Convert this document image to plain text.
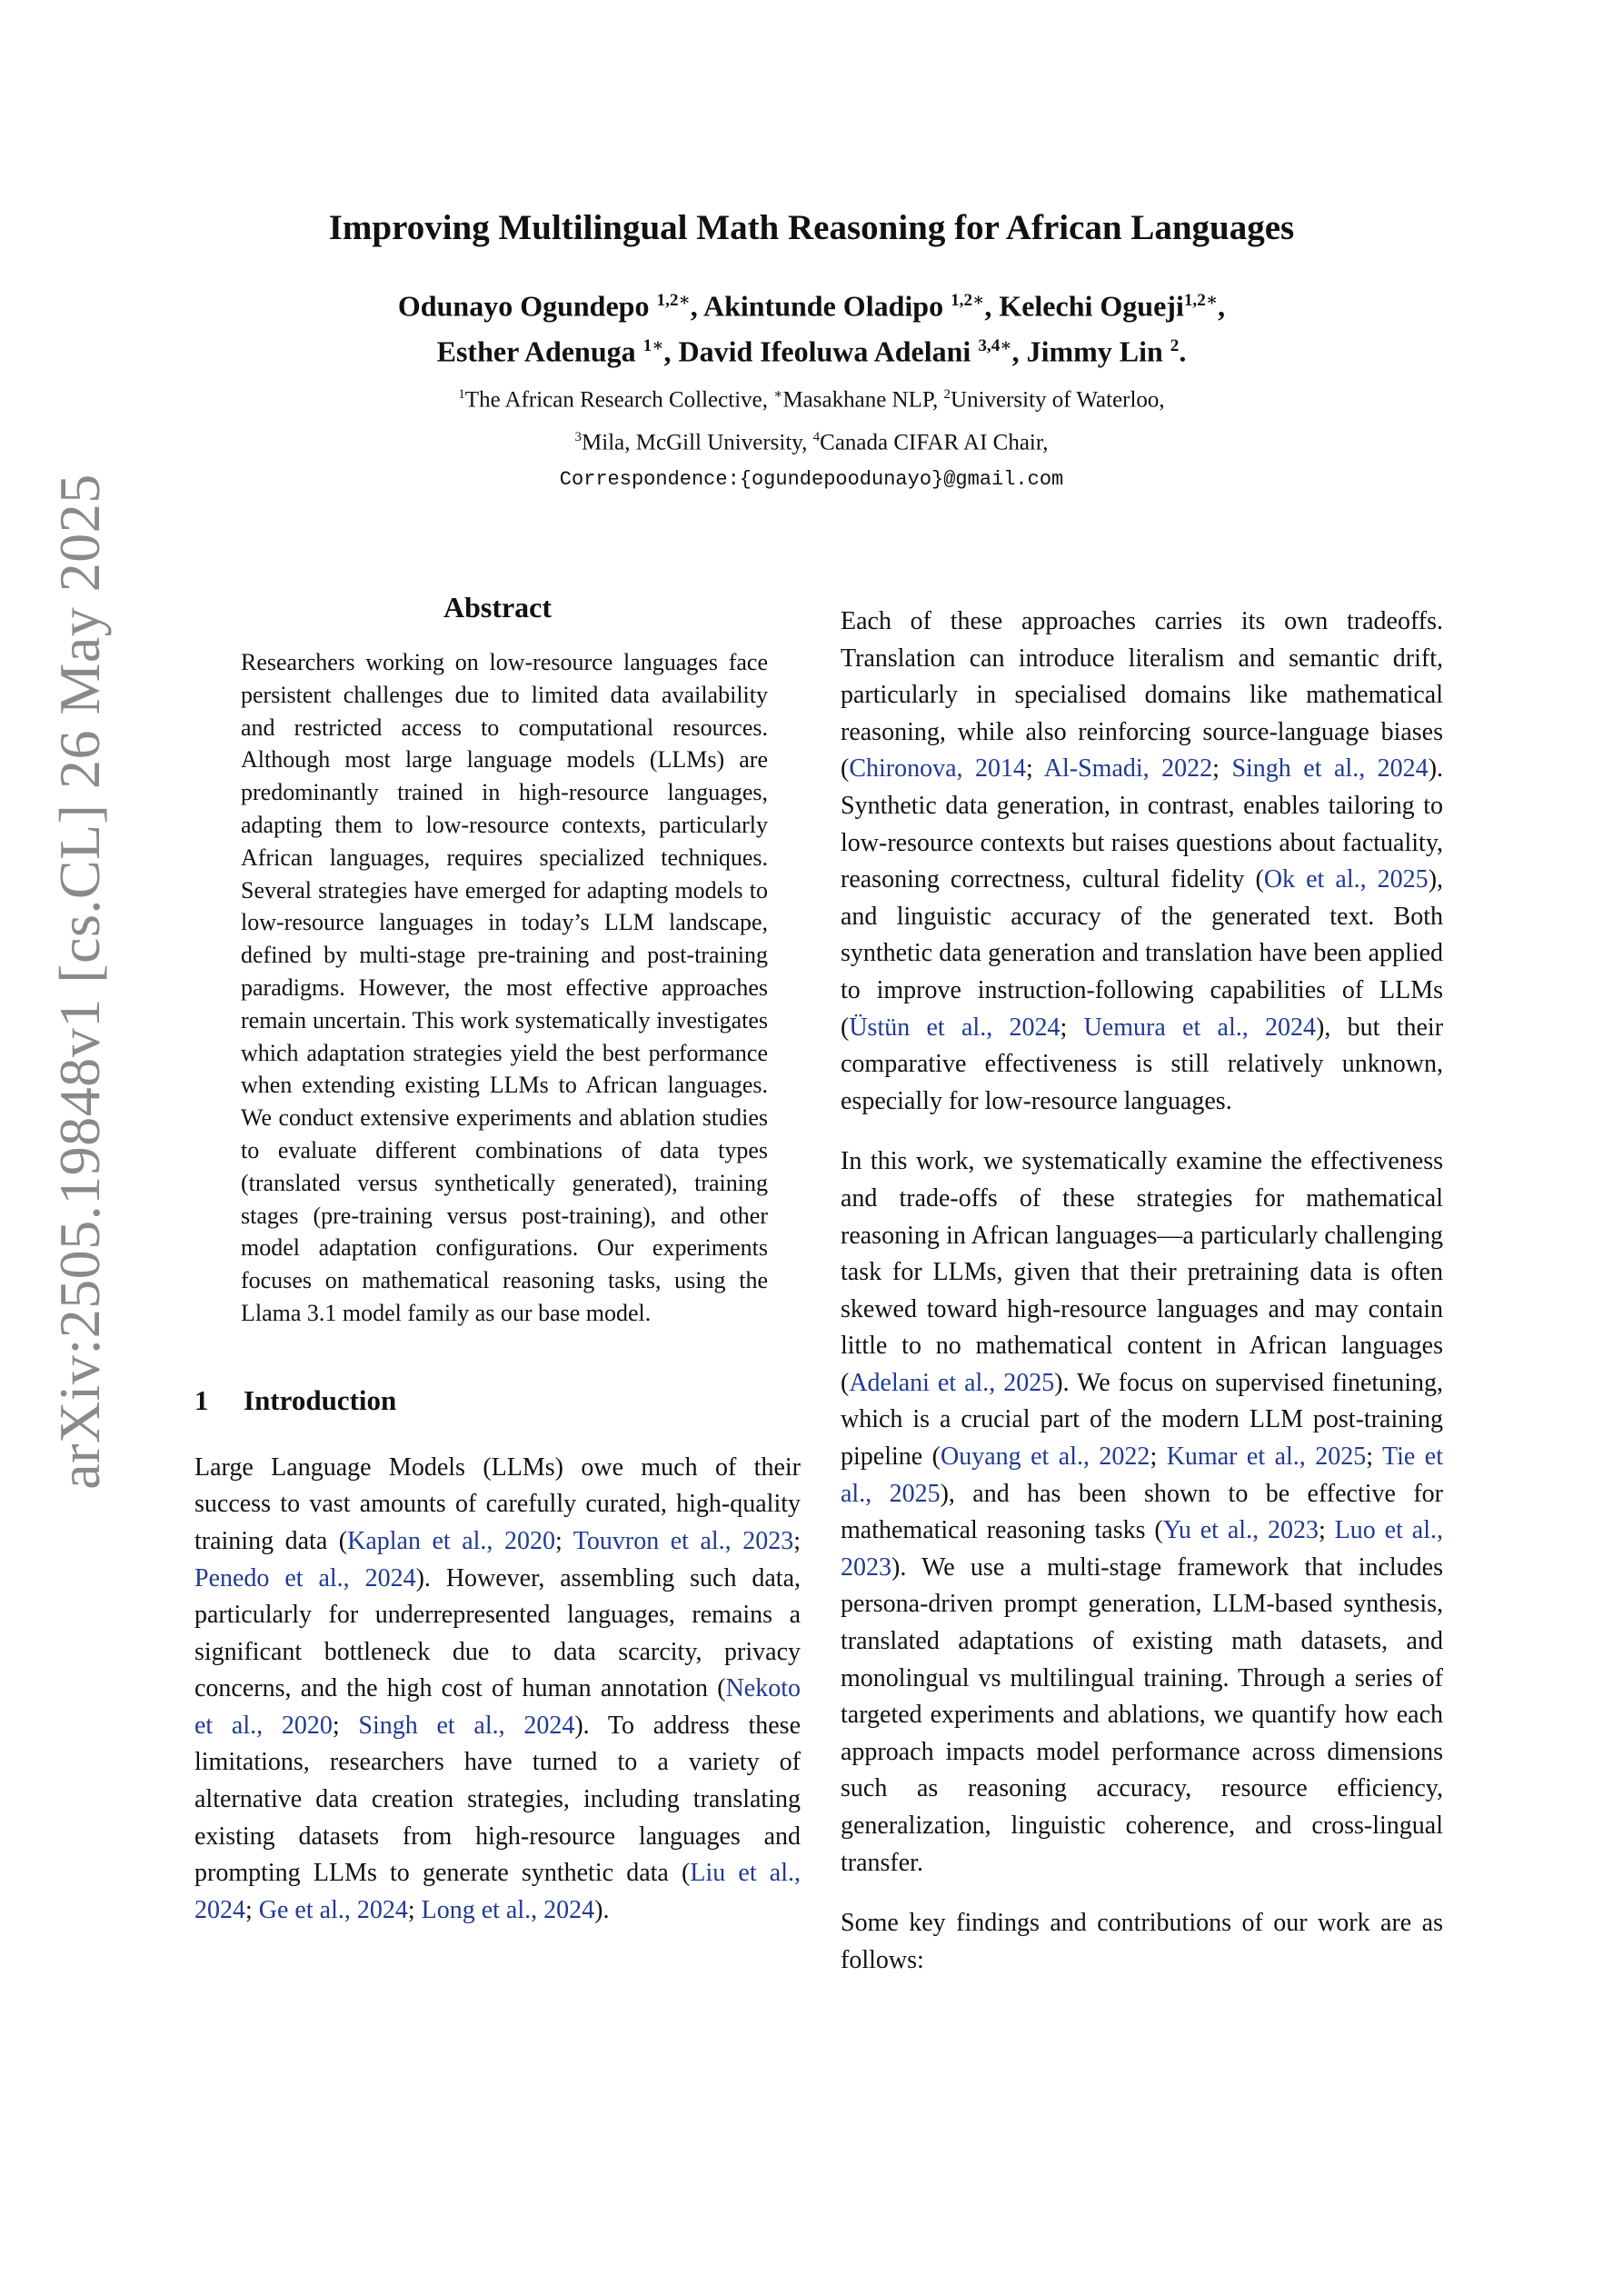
arXiv:2505.19848v1 [cs.CL] 26 May 2025
Improving Multilingual Math Reasoning for African Languages
Odunayo Ogundepo $^{1,2∗}$, Akintunde Oladipo $^{1,2∗}$, Kelechi Ogueji$^{1,2∗}$,
Esther Adenuga $^{1∗}$, David Ifeoluwa Adelani $^{3,4∗}$, Jimmy Lin $^2$.
$^1$The African Research Collective, ∗Masakhane NLP, $^2$University of Waterloo,
$^3$Mila, McGill University, $^4$Canada CIFAR AI Chair,
Correspondence:{ogundepoodunayo}@gmail.com
Abstract

Researchers working on low-resource languages face persistent challenges due to limited data availability and restricted access to computational resources. Although most large language models (LLMs) are predominantly trained in high-resource languages, adapting them to low-resource contexts, particularly African languages, requires specialized techniques. Several strategies have emerged for adapting models to low-resource languages in today’s LLM landscape, defined by multi-stage pre-training and post-training paradigms. However, the most effective approaches remain uncertain. This work systematically investigates which adaptation strategies yield the best performance when extending existing LLMs to African languages. We conduct extensive experiments and ablation studies to evaluate different combinations of data types (translated versus synthetically generated), training stages (pre-training versus post-training), and other model adaptation configurations. Our experiments focuses on mathematical reasoning tasks, using the Llama 3.1 model family as our base model.

1 Introduction

Large Language Models (LLMs) owe much of their success to vast amounts of carefully curated, high-quality training data (Kaplan et al., 2020; Touvron et al., 2023; Penedo et al., 2024). However, assembling such data, particularly for underrepresented languages, remains a significant bottleneck due to data scarcity, privacy concerns, and the high cost of human annotation (Nekoto et al., 2020; Singh et al., 2024). To address these limitations, researchers have turned to a variety of alternative data creation strategies, including translating existing datasets from high-resource languages and prompting LLMs to generate synthetic data (Liu et al., 2024; Ge et al., 2024; Long et al., 2024).

Each of these approaches carries its own tradeoffs. Translation can introduce literalism and semantic drift, particularly in specialised domains like mathematical reasoning, while also reinforcing source-language biases (Chironova, 2014; Al-Smadi, 2022; Singh et al., 2024). Synthetic data generation, in contrast, enables tailoring to low-resource contexts but raises questions about factuality, reasoning correctness, cultural fidelity (Ok et al., 2025), and linguistic accuracy of the generated text. Both synthetic data generation and translation have been applied to improve instruction-following capabilities of LLMs (Üstün et al., 2024; Uemura et al., 2024), but their comparative effectiveness is still relatively unknown, especially for low-resource languages.

In this work, we systematically examine the effectiveness and trade-offs of these strategies for mathematical reasoning in African languages—a particularly challenging task for LLMs, given that their pretraining data is often skewed toward high-resource languages and may contain little to no mathematical content in African languages (Adelani et al., 2025). We focus on supervised finetuning, which is a crucial part of the modern LLM post-training pipeline (Ouyang et al., 2022; Kumar et al., 2025; Tie et al., 2025), and has been shown to be effective for mathematical reasoning tasks (Yu et al., 2023; Luo et al., 2023). We use a multi-stage framework that includes persona-driven prompt generation, LLM-based synthesis, translated adaptations of existing math datasets, and monolingual vs multilingual training. Through a series of targeted experiments and ablations, we quantify how each approach impacts model performance across dimensions such as reasoning accuracy, resource efficiency, generalization, linguistic coherence, and cross-lingual transfer.

Some key findings and contributions of our work are as follows:
